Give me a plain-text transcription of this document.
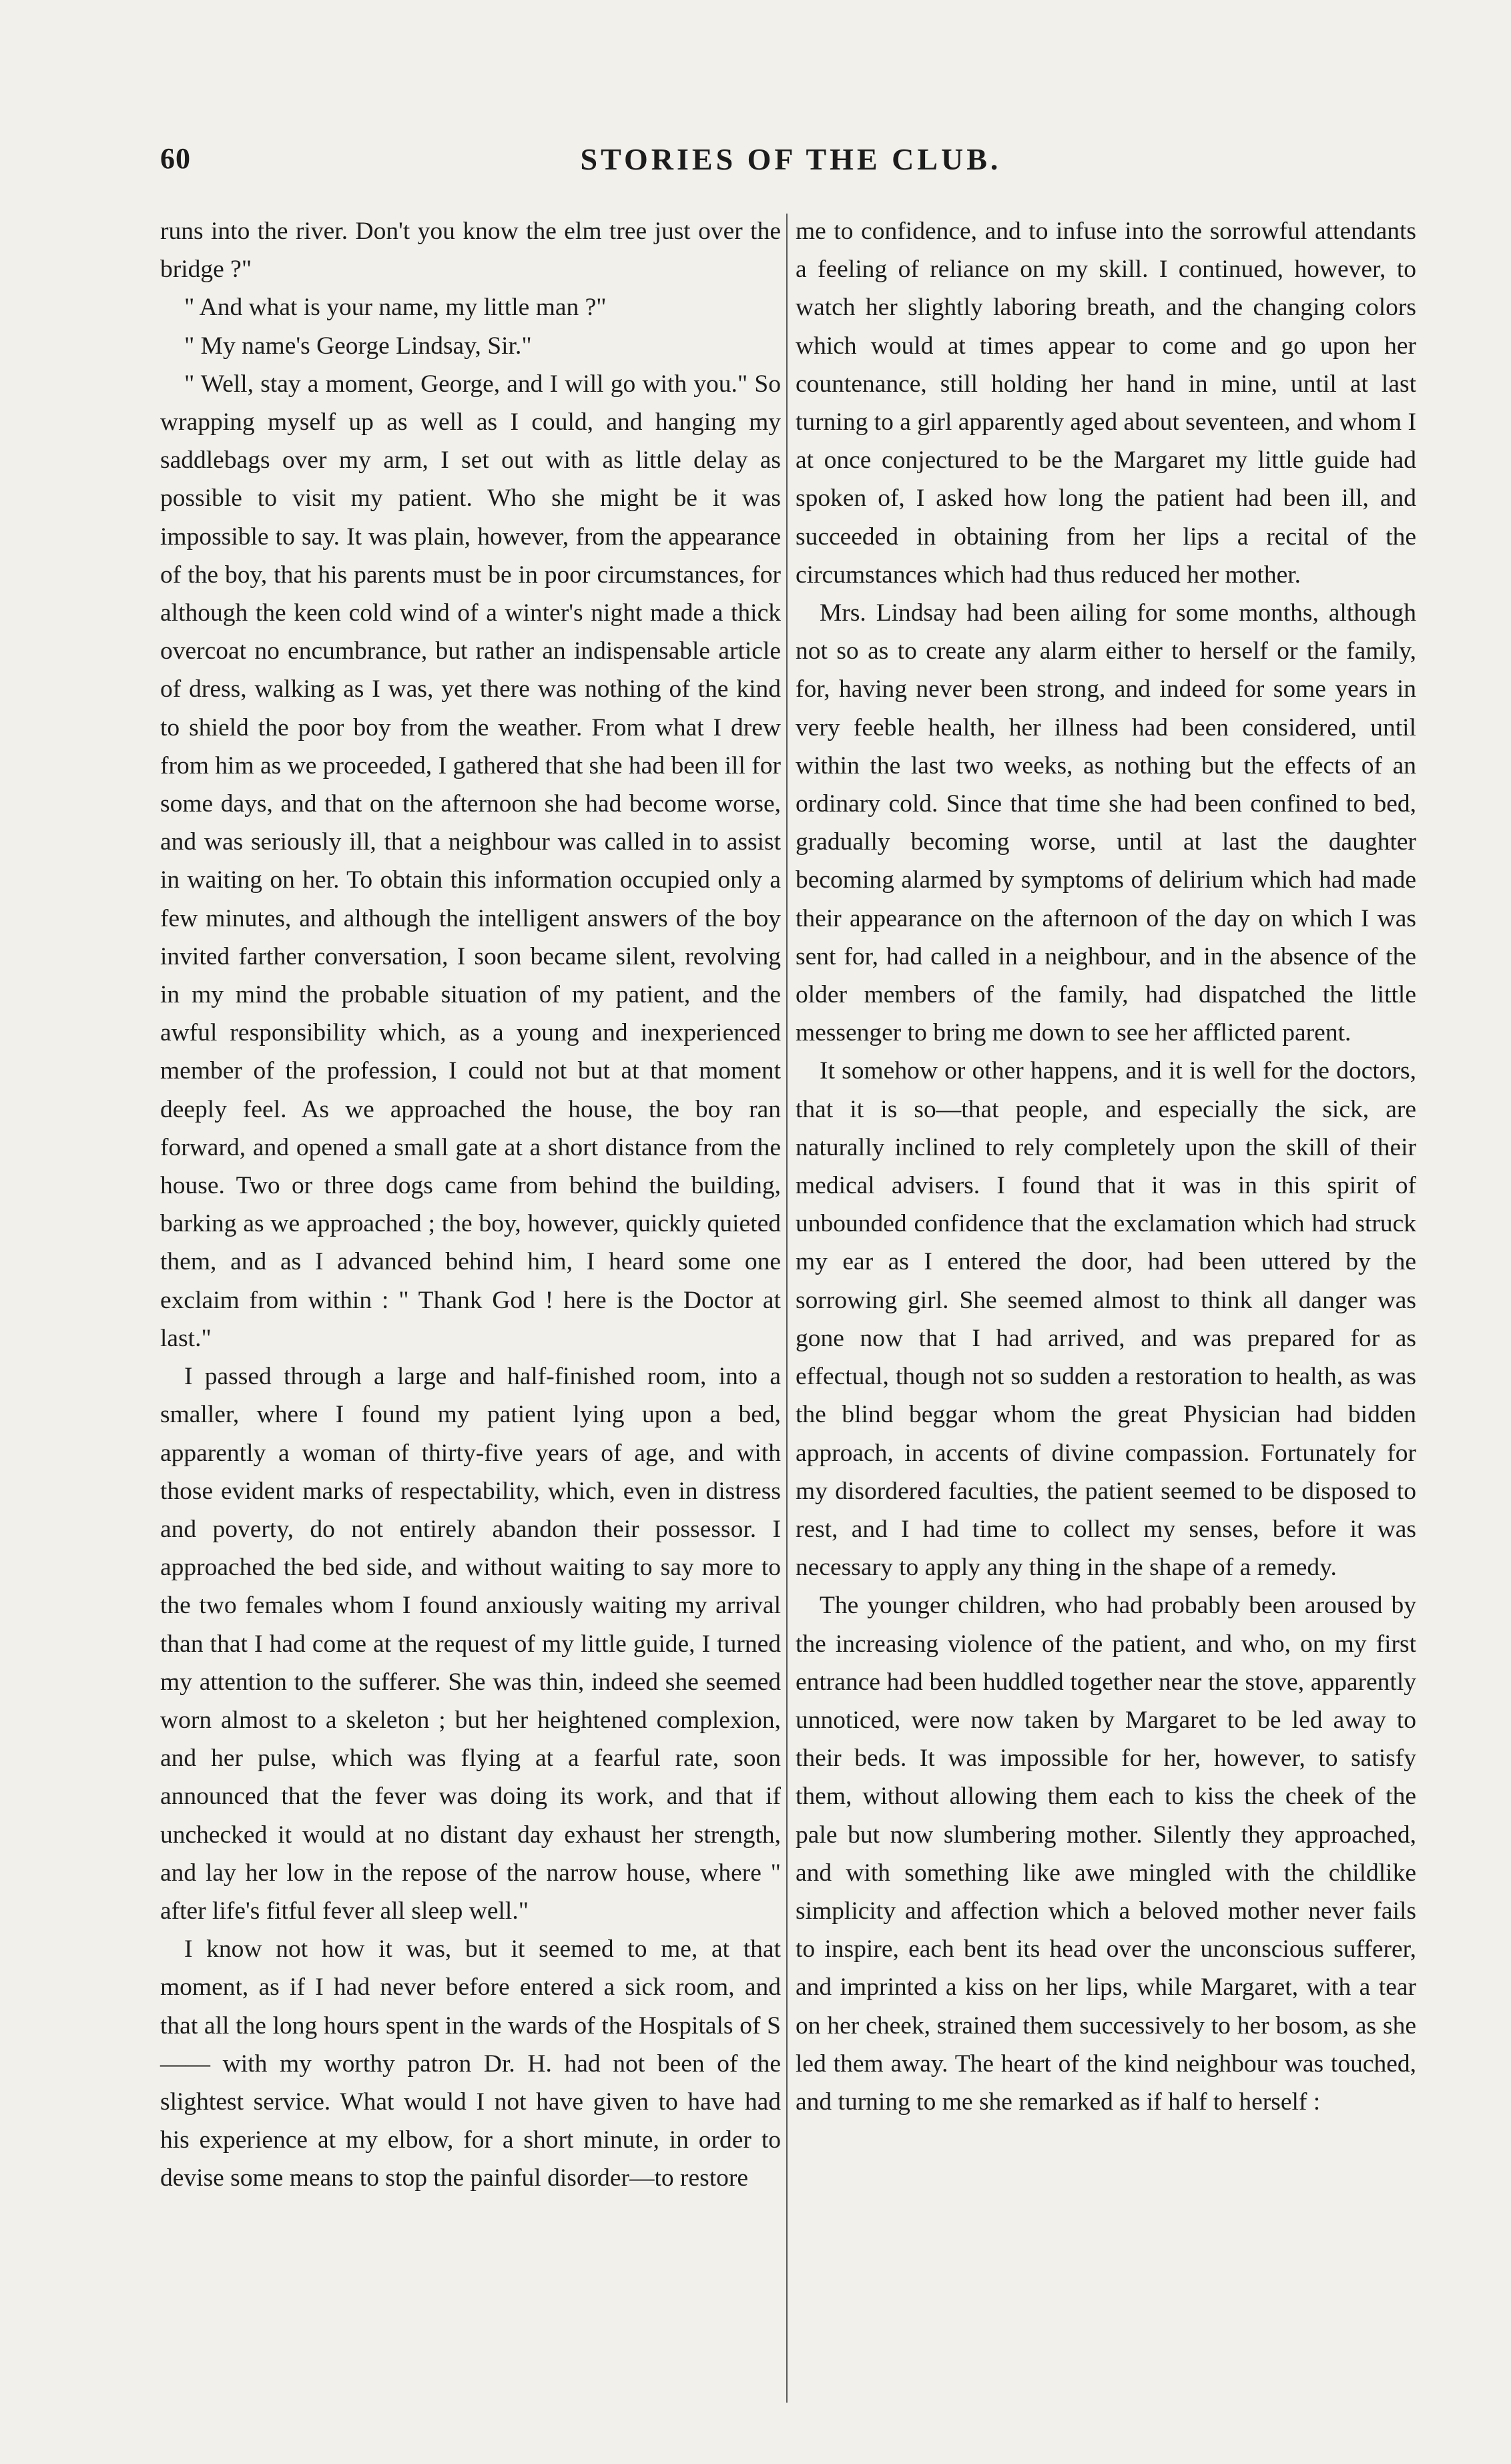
60	STORIES OF THE CLUB.

runs into the river. Don't you know the elm tree just over the bridge ?"

" And what is your name, my little man ?"

" My name's George Lindsay, Sir."

" Well, stay a moment, George, and I will go with you." So wrapping myself up as well as I could, and hanging my saddlebags over my arm, I set out with as little delay as possible to visit my patient. Who she might be it was impossible to say. It was plain, however, from the appearance of the boy, that his parents must be in poor circumstances, for although the keen cold wind of a winter's night made a thick overcoat no encumbrance, but rather an indispensable article of dress, walking as I was, yet there was nothing of the kind to shield the poor boy from the weather. From what I drew from him as we proceeded, I gathered that she had been ill for some days, and that on the afternoon she had become worse, and was seriously ill, that a neighbour was called in to assist in waiting on her. To obtain this information occupied only a few minutes, and although the intelligent answers of the boy invited farther conversation, I soon became silent, revolving in my mind the probable situation of my patient, and the awful responsibility which, as a young and inexperienced member of the profession, I could not but at that moment deeply feel. As we approached the house, the boy ran forward, and opened a small gate at a short distance from the house. Two or three dogs came from behind the building, barking as we approached ; the boy, however, quickly quieted them, and as I advanced behind him, I heard some one exclaim from within : " Thank God ! here is the Doctor at last."

I passed through a large and half-finished room, into a smaller, where I found my patient lying upon a bed, apparently a woman of thirty-five years of age, and with those evident marks of respectability, which, even in distress and poverty, do not entirely abandon their possessor. I approached the bed side, and without waiting to say more to the two females whom I found anxiously waiting my arrival than that I had come at the request of my little guide, I turned my attention to the sufferer. She was thin, indeed she seemed worn almost to a skeleton ; but her heightened complexion, and her pulse, which was flying at a fearful rate, soon announced that the fever was doing its work, and that if unchecked it would at no distant day exhaust her strength, and lay her low in the repose of the narrow house, where " after life's fitful fever all sleep well."

I know not how it was, but it seemed to me, at that moment, as if I had never before entered a sick room, and that all the long hours spent in the wards of the Hospitals of S—— with my worthy patron Dr. H. had not been of the slightest service. What would I not have given to have had his experience at my elbow, for a short minute, in order to devise some means to stop the painful disorder—to restore

me to confidence, and to infuse into the sorrowful attendants a feeling of reliance on my skill. I continued, however, to watch her slightly laboring breath, and the changing colors which would at times appear to come and go upon her countenance, still holding her hand in mine, until at last turning to a girl apparently aged about seventeen, and whom I at once conjectured to be the Margaret my little guide had spoken of, I asked how long the patient had been ill, and succeeded in obtaining from her lips a recital of the circumstances which had thus reduced her mother.

Mrs. Lindsay had been ailing for some months, although not so as to create any alarm either to herself or the family, for, having never been strong, and indeed for some years in very feeble health, her illness had been considered, until within the last two weeks, as nothing but the effects of an ordinary cold. Since that time she had been confined to bed, gradually becoming worse, until at last the daughter becoming alarmed by symptoms of delirium which had made their appearance on the afternoon of the day on which I was sent for, had called in a neighbour, and in the absence of the older members of the family, had dispatched the little messenger to bring me down to see her afflicted parent.

It somehow or other happens, and it is well for the doctors, that it is so—that people, and especially the sick, are naturally inclined to rely completely upon the skill of their medical advisers. I found that it was in this spirit of unbounded confidence that the exclamation which had struck my ear as I entered the door, had been uttered by the sorrowing girl. She seemed almost to think all danger was gone now that I had arrived, and was prepared for as effectual, though not so sudden a restoration to health, as was the blind beggar whom the great Physician had bidden approach, in accents of divine compassion. Fortunately for my disordered faculties, the patient seemed to be disposed to rest, and I had time to collect my senses, before it was necessary to apply any thing in the shape of a remedy.

The younger children, who had probably been aroused by the increasing violence of the patient, and who, on my first entrance had been huddled together near the stove, apparently unnoticed, were now taken by Margaret to be led away to their beds. It was impossible for her, however, to satisfy them, without allowing them each to kiss the cheek of the pale but now slumbering mother. Silently they approached, and with something like awe mingled with the childlike simplicity and affection which a beloved mother never fails to inspire, each bent its head over the unconscious sufferer, and imprinted a kiss on her lips, while Margaret, with a tear on her cheek, strained them successively to her bosom, as she led them away. The heart of the kind neighbour was touched, and turning to me she remarked as if half to herself :
